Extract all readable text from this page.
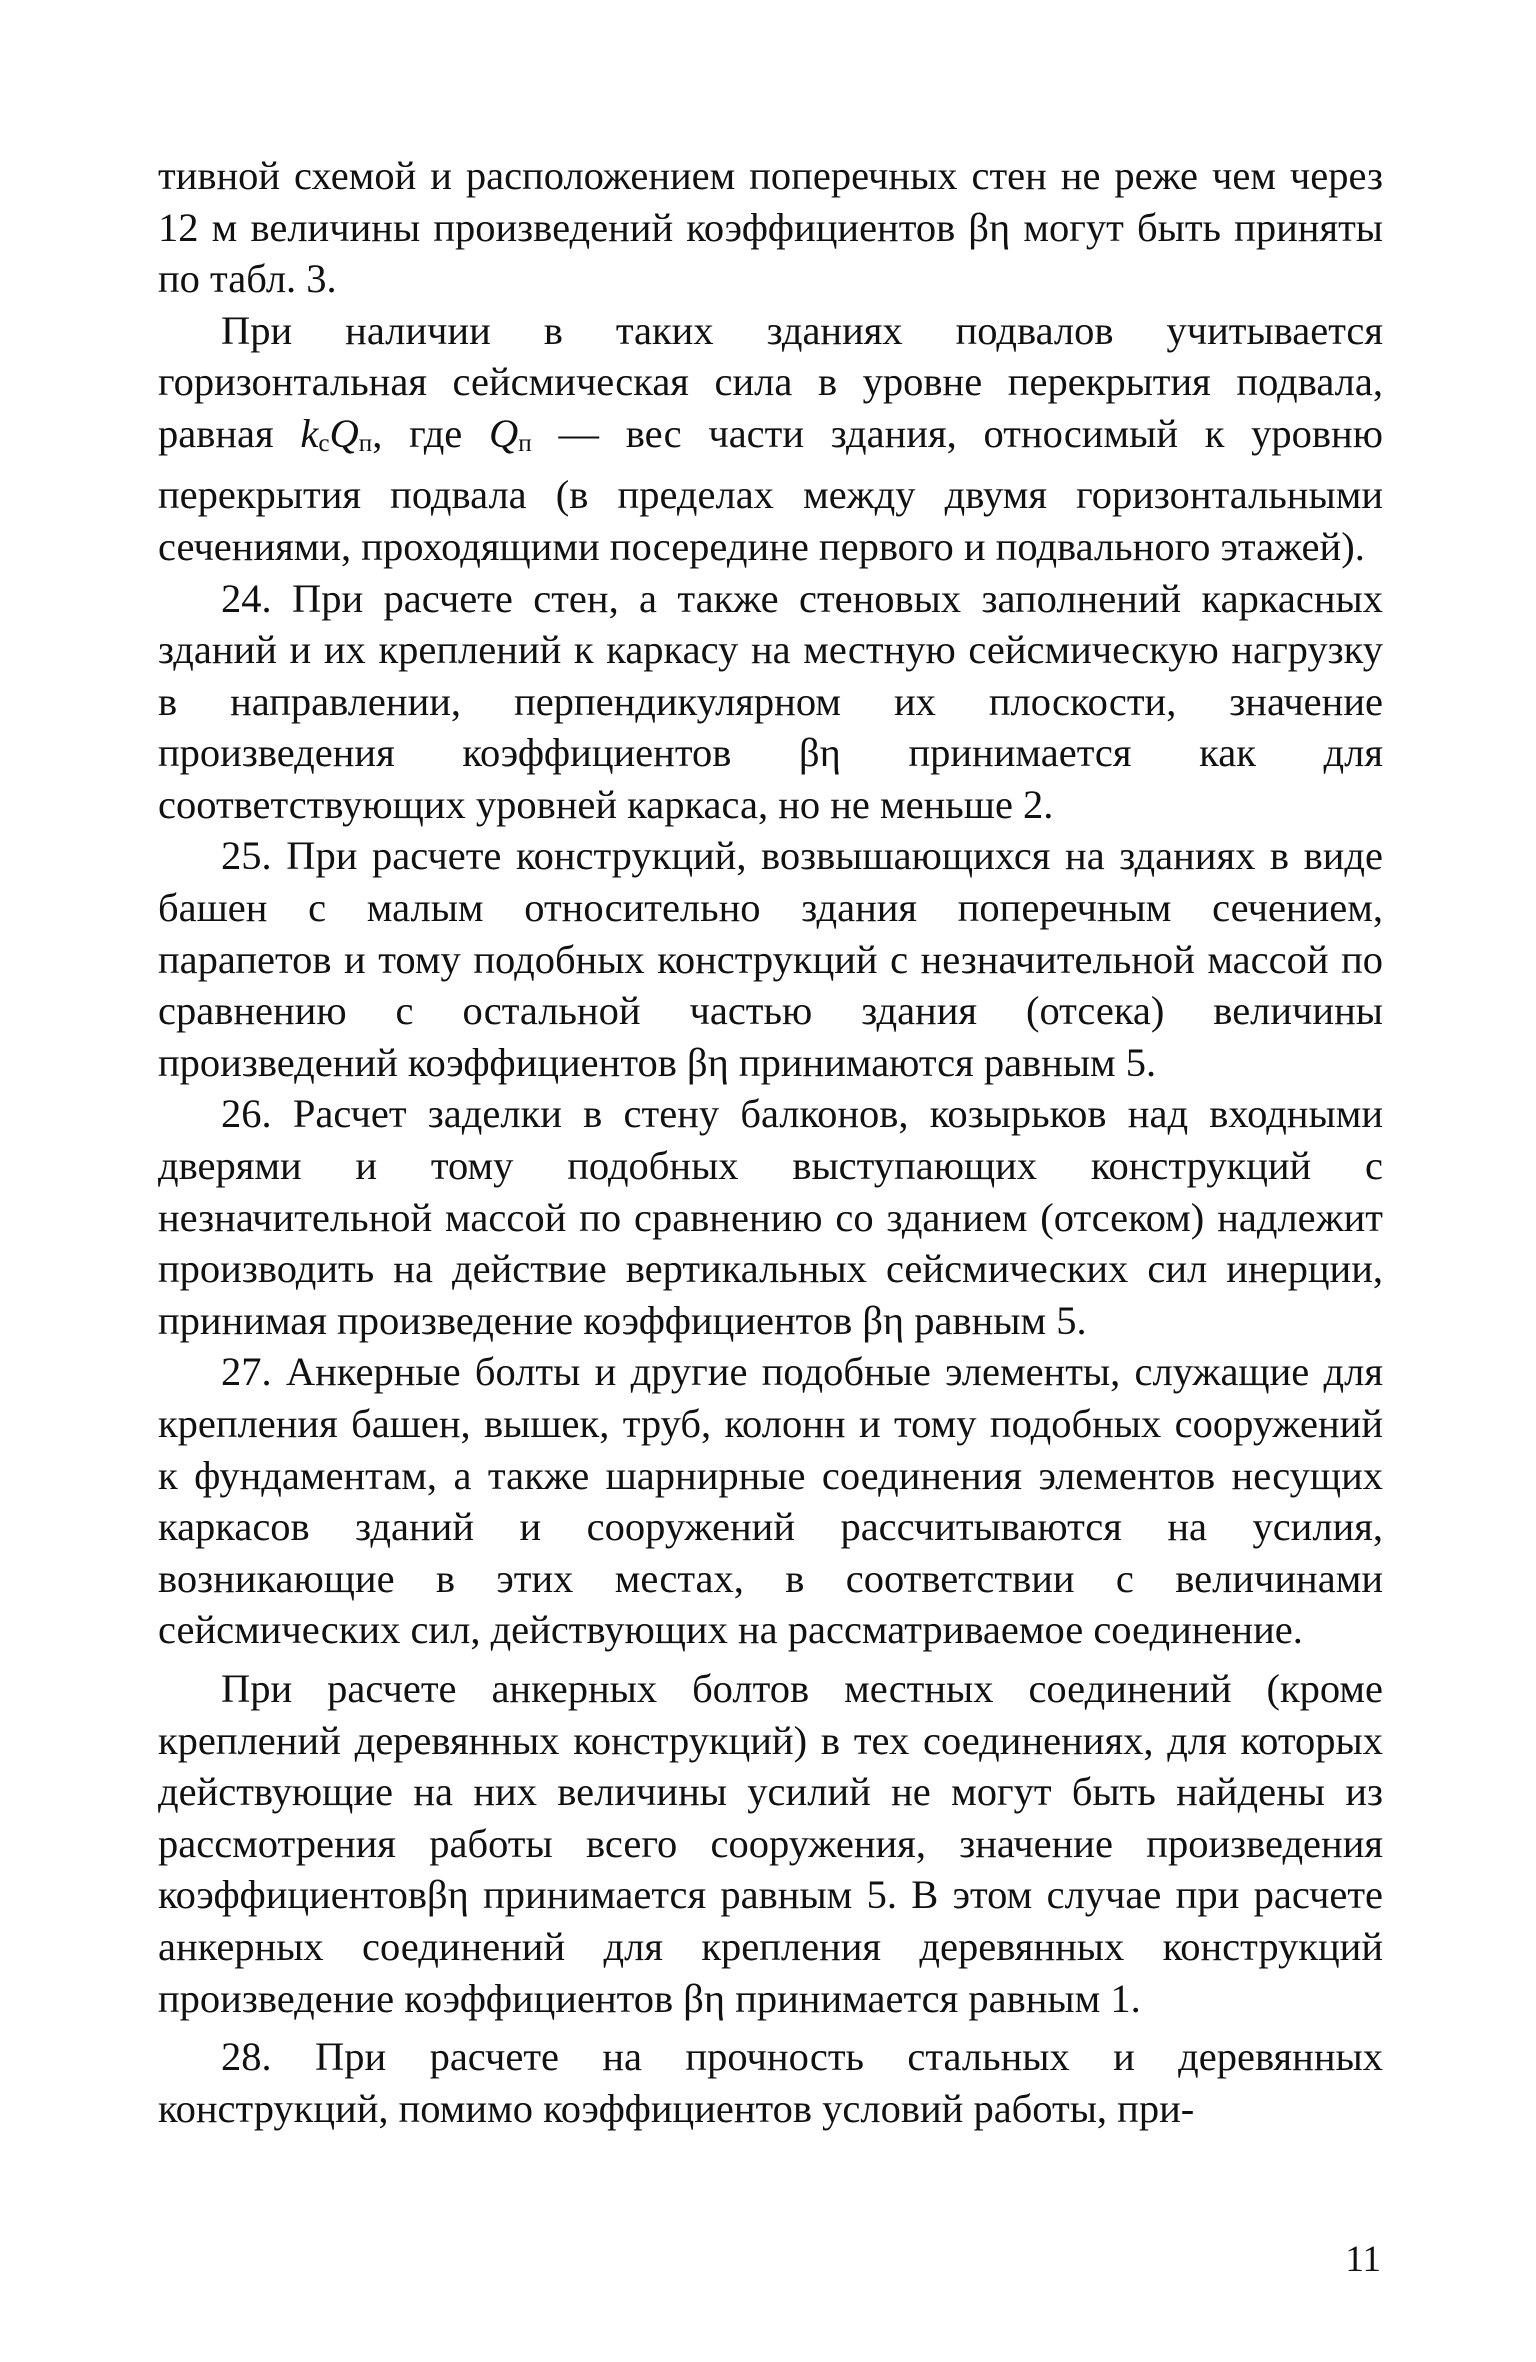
тивной схемой и расположением поперечных стен не реже чем через 12 м величины произведений коэффициентов βη могут быть приняты по табл. 3.

При наличии в таких зданиях подвалов учитывается горизонтальная сейсмическая сила в уровне перекрытия подвала, равная kcQп, где Qп — вес части здания, относимый к уровню перекрытия подвала (в пределах между двумя горизонтальными сечениями, проходящими посередине первого и подвального этажей).

24. При расчете стен, а также стеновых заполнений каркасных зданий и их креплений к каркасу на местную сейсмическую нагрузку в направлении, перпендикулярном их плоскости, значение произведения коэффициентов βη принимается как для соответствующих уровней каркаса, но не меньше 2.

25. При расчете конструкций, возвышающихся на зданиях в виде башен с малым относительно здания поперечным сечением, парапетов и тому подобных конструкций с незначительной массой по сравнению с остальной частью здания (отсека) величины произведений коэффициентов βη принимаются равным 5.

26. Расчет заделки в стену балконов, козырьков над входными дверями и тому подобных выступающих конструкций с незначительной массой по сравнению со зданием (отсеком) надлежит производить на действие вертикальных сейсмических сил инерции, принимая произведение коэффициентов βη равным 5.

27. Анкерные болты и другие подобные элементы, служащие для крепления башен, вышек, труб, колонн и тому подобных сооружений к фундаментам, а также шарнирные соединения элементов несущих каркасов зданий и сооружений рассчитываются на усилия, возникающие в этих местах, в соответствии с величинами сейсмических сил, действующих на рассматриваемое соединение.

При расчете анкерных болтов местных соединений (кроме креплений деревянных конструкций) в тех соединениях, для которых действующие на них величины усилий не могут быть найдены из рассмотрения работы всего сооружения, значение произведения коэффициентовβη принимается равным 5. В этом случае при расчете анкерных соединений для крепления деревянных конструкций произведение коэффициентов βη принимается равным 1.

28. При расчете на прочность стальных и деревянных конструкций, помимо коэффициентов условий работы, при-

11
